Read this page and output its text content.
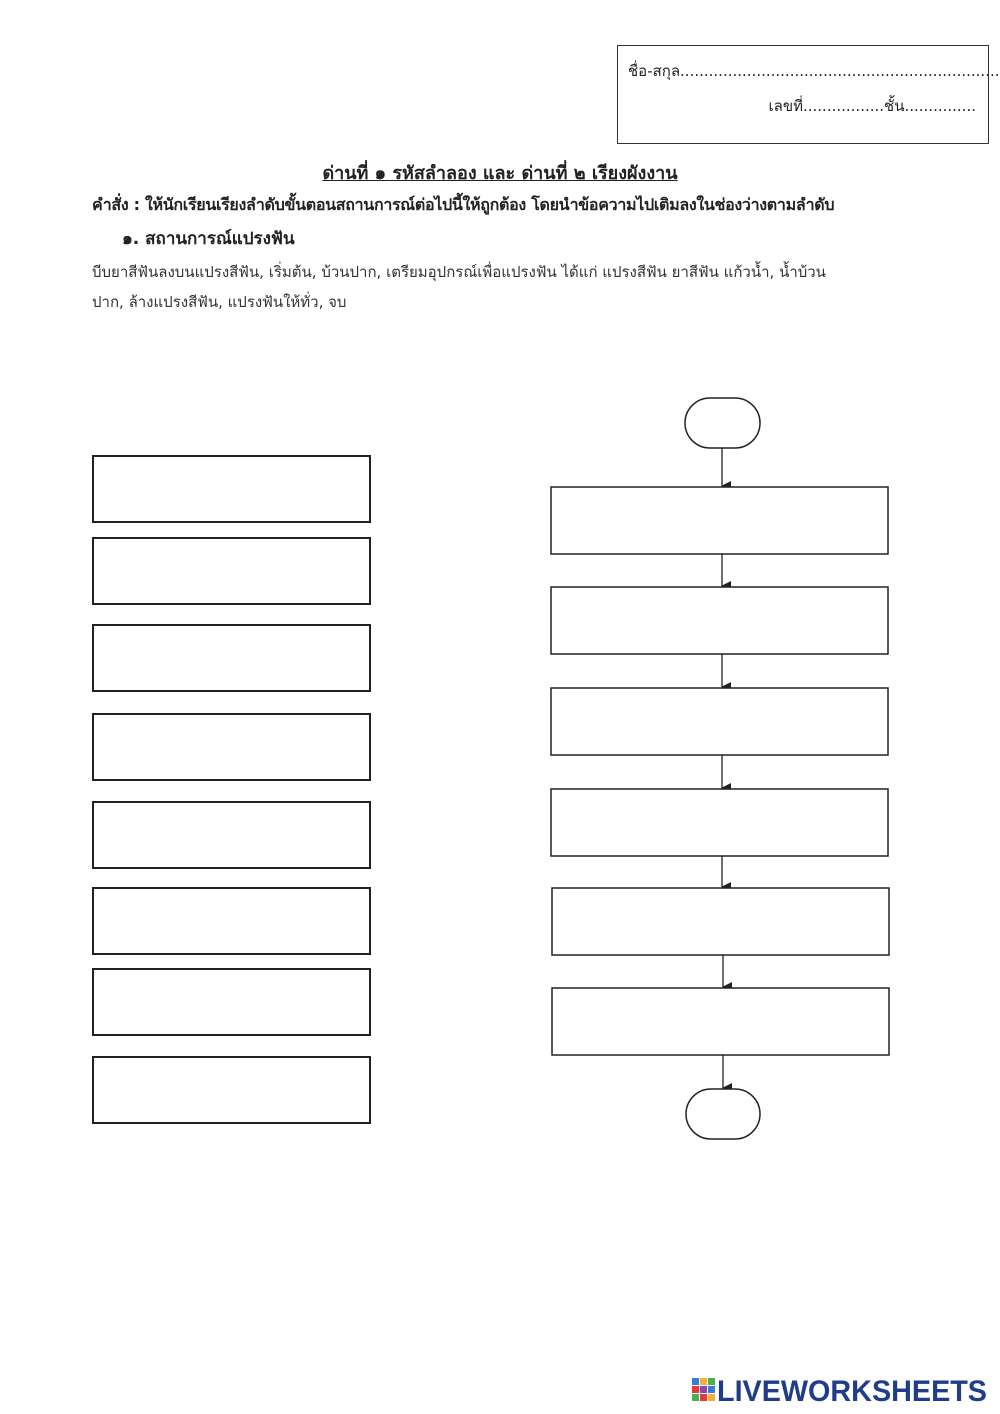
ชื่อ-สกุล...................................................................
เลขที่.................ชั้น...............
ด่านที่ ๑ รหัสลำลอง และ ด่านที่ ๒ เรียงผังงาน
คำสั่ง : ให้นักเรียนเรียงลำดับขั้นตอนสถานการณ์ต่อไปนี้ให้ถูกต้อง โดยนำข้อความไปเติมลงในช่องว่างตามลำดับ
๑. สถานการณ์แปรงฟัน
บีบยาสีฟันลงบนแปรงสีฟัน, เริ่มต้น, บ้วนปาก, เตรียมอุปกรณ์เพื่อแปรงฟัน ได้แก่ แปรงสีฟัน ยาสีฟัน แก้วน้ำ, น้ำบ้วน
ปาก, ล้างแปรงสีฟัน, แปรงฟันให้ทั่ว, จบ
LIVEWORKSHEETS
